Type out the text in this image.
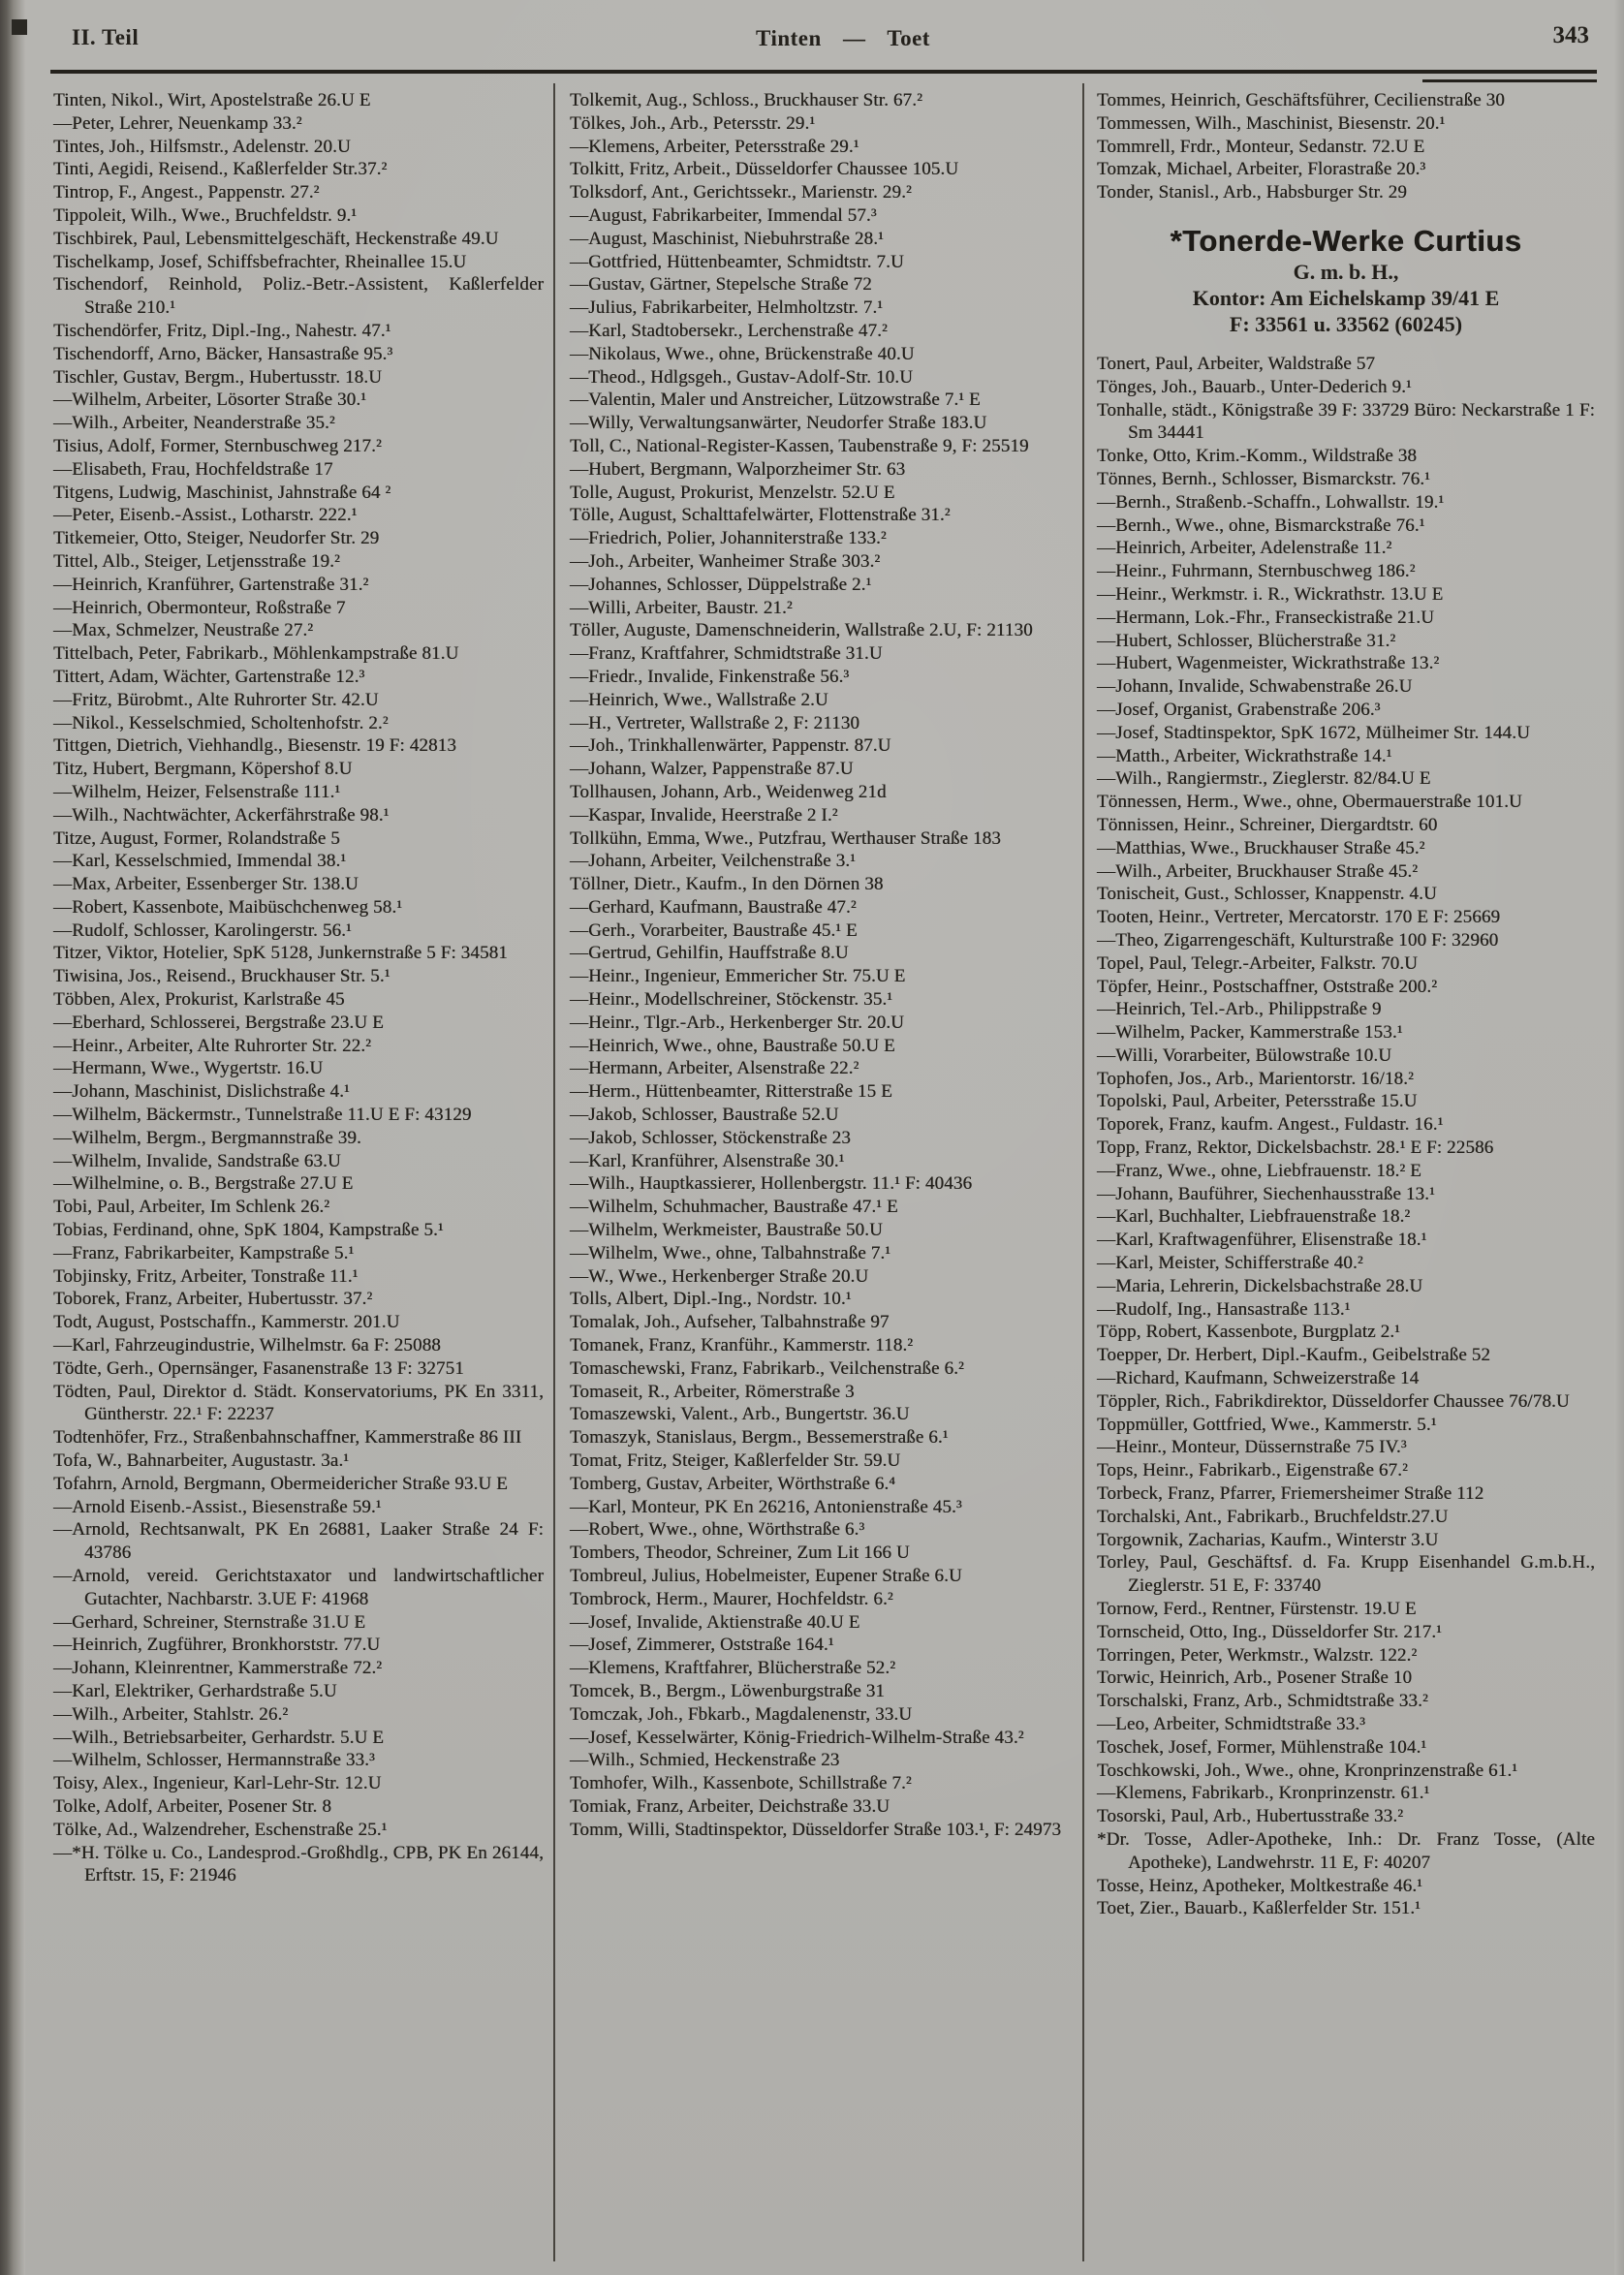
II. Teil	Tinten — Toet	343

Tinten, Nikol., Wirt, Apostelstraße 26.U E

—Peter, Lehrer, Neuenkamp 33.²

Tintes, Joh., Hilfsmstr., Adelenstr. 20.U

Tinti, Aegidi, Reisend., Kaßlerfelder Str.37.²

Tintrop, F., Angest., Pappenstr. 27.²

Tippoleit, Wilh., Wwe., Bruchfeldstr. 9.¹

Tischbirek, Paul, Lebensmittelgeschäft, Heckenstraße 49.U

Tischelkamp, Josef, Schiffsbefrachter, Rheinallee 15.U

Tischendorf, Reinhold, Poliz.-Betr.-Assistent, Kaßlerfelder Straße 210.¹

Tischendörfer, Fritz, Dipl.-Ing., Nahestr. 47.¹

Tischendorff, Arno, Bäcker, Hansastraße 95.³

Tischler, Gustav, Bergm., Hubertusstr. 18.U

—Wilhelm, Arbeiter, Lösorter Straße 30.¹

—Wilh., Arbeiter, Neanderstraße 35.²

Tisius, Adolf, Former, Sternbuschweg 217.²

—Elisabeth, Frau, Hochfeldstraße 17

Titgens, Ludwig, Maschinist, Jahnstraße 64 ²

—Peter, Eisenb.-Assist., Lotharstr. 222.¹

Titkemeier, Otto, Steiger, Neudorfer Str. 29

Tittel, Alb., Steiger, Letjensstraße 19.²

—Heinrich, Kranführer, Gartenstraße 31.²

—Heinrich, Obermonteur, Roßstraße 7

—Max, Schmelzer, Neustraße 27.²

Tittelbach, Peter, Fabrikarb., Möhlenkampstraße 81.U

Tittert, Adam, Wächter, Gartenstraße 12.³

—Fritz, Bürobmt., Alte Ruhrorter Str. 42.U

—Nikol., Kesselschmied, Scholtenhofstr. 2.²

Tittgen, Dietrich, Viehhandlg., Biesenstr. 19 F: 42813

Titz, Hubert, Bergmann, Köpershof 8.U

—Wilhelm, Heizer, Felsenstraße 111.¹

—Wilh., Nachtwächter, Ackerfährstraße 98.¹

Titze, August, Former, Rolandstraße 5

—Karl, Kesselschmied, Immendal 38.¹

—Max, Arbeiter, Essenberger Str. 138.U

—Robert, Kassenbote, Maibüschchenweg 58.¹

—Rudolf, Schlosser, Karolingerstr. 56.¹

Titzer, Viktor, Hotelier, SpK 5128, Junkernstraße 5 F: 34581

Tiwisina, Jos., Reisend., Bruckhauser Str. 5.¹

Többen, Alex, Prokurist, Karlstraße 45

—Eberhard, Schlosserei, Bergstraße 23.U E

—Heinr., Arbeiter, Alte Ruhrorter Str. 22.²

—Hermann, Wwe., Wygertstr. 16.U

—Johann, Maschinist, Dislichstraße 4.¹

—Wilhelm, Bäckermstr., Tunnelstraße 11.U E F: 43129

—Wilhelm, Bergm., Bergmannstraße 39.

—Wilhelm, Invalide, Sandstraße 63.U

—Wilhelmine, o. B., Bergstraße 27.U E

Tobi, Paul, Arbeiter, Im Schlenk 26.²

Tobias, Ferdinand, ohne, SpK 1804, Kampstraße 5.¹

—Franz, Fabrikarbeiter, Kampstraße 5.¹

Tobjinsky, Fritz, Arbeiter, Tonstraße 11.¹

Toborek, Franz, Arbeiter, Hubertusstr. 37.²

Todt, August, Postschaffn., Kammerstr. 201.U

—Karl, Fahrzeugindustrie, Wilhelmstr. 6a F: 25088

Tödte, Gerh., Opernsänger, Fasanenstraße 13 F: 32751

Tödten, Paul, Direktor d. Städt. Konservatoriums, PK En 3311, Güntherstr. 22.¹ F: 22237

Todtenhöfer, Frz., Straßenbahnschaffner, Kammerstraße 86 III

Tofa, W., Bahnarbeiter, Augustastr. 3a.¹

Tofahrn, Arnold, Bergmann, Obermeidericher Straße 93.U E

—Arnold Eisenb.-Assist., Biesenstraße 59.¹

—Arnold, Rechtsanwalt, PK En 26881, Laaker Straße 24 F: 43786

—Arnold, vereid. Gerichtstaxator und landwirtschaftlicher Gutachter, Nachbarstr. 3.UE F: 41968

—Gerhard, Schreiner, Sternstraße 31.U E

—Heinrich, Zugführer, Bronkhorststr. 77.U

—Johann, Kleinrentner, Kammerstraße 72.²

—Karl, Elektriker, Gerhardstraße 5.U

—Wilh., Arbeiter, Stahlstr. 26.²

—Wilh., Betriebsarbeiter, Gerhardstr. 5.U E

—Wilhelm, Schlosser, Hermannstraße 33.³

Toisy, Alex., Ingenieur, Karl-Lehr-Str. 12.U

Tolke, Adolf, Arbeiter, Posener Str. 8

Tölke, Ad., Walzendreher, Eschenstraße 25.¹

—*H. Tölke u. Co., Landesprod.-Großhdlg., CPB, PK En 26144, Erftstr. 15, F: 21946

Tolkemit, Aug., Schloss., Bruckhauser Str. 67.²

Tölkes, Joh., Arb., Petersstr. 29.¹

—Klemens, Arbeiter, Petersstraße 29.¹

Tolkitt, Fritz, Arbeit., Düsseldorfer Chaussee 105.U

Tolksdorf, Ant., Gerichtssekr., Marienstr. 29.²

—August, Fabrikarbeiter, Immendal 57.³

—August, Maschinist, Niebuhrstraße 28.¹

—Gottfried, Hüttenbeamter, Schmidtstr. 7.U

—Gustav, Gärtner, Stepelsche Straße 72

—Julius, Fabrikarbeiter, Helmholtzstr. 7.¹

—Karl, Stadtobersekr., Lerchenstraße 47.²

—Nikolaus, Wwe., ohne, Brückenstraße 40.U

—Theod., Hdlgsgeh., Gustav-Adolf-Str. 10.U

—Valentin, Maler und Anstreicher, Lützowstraße 7.¹ E

—Willy, Verwaltungsanwärter, Neudorfer Straße 183.U

Toll, C., National-Register-Kassen, Taubenstraße 9, F: 25519

—Hubert, Bergmann, Walporzheimer Str. 63

Tolle, August, Prokurist, Menzelstr. 52.U E

Tölle, August, Schalttafelwärter, Flottenstraße 31.²

—Friedrich, Polier, Johanniterstraße 133.²

—Joh., Arbeiter, Wanheimer Straße 303.²

—Johannes, Schlosser, Düppelstraße 2.¹

—Willi, Arbeiter, Baustr. 21.²

Töller, Auguste, Damenschneiderin, Wallstraße 2.U, F: 21130

—Franz, Kraftfahrer, Schmidtstraße 31.U

—Friedr., Invalide, Finkenstraße 56.³

—Heinrich, Wwe., Wallstraße 2.U

—H., Vertreter, Wallstraße 2, F: 21130

—Joh., Trinkhallenwärter, Pappenstr. 87.U

—Johann, Walzer, Pappenstraße 87.U

Tollhausen, Johann, Arb., Weidenweg 21d

—Kaspar, Invalide, Heerstraße 2 I.²

Tollkühn, Emma, Wwe., Putzfrau, Werthauser Straße 183

—Johann, Arbeiter, Veilchenstraße 3.¹

Töllner, Dietr., Kaufm., In den Dörnen 38

—Gerhard, Kaufmann, Baustraße 47.²

—Gerh., Vorarbeiter, Baustraße 45.¹ E

—Gertrud, Gehilfin, Hauffstraße 8.U

—Heinr., Ingenieur, Emmericher Str. 75.U E

—Heinr., Modellschreiner, Stöckenstr. 35.¹

—Heinr., Tlgr.-Arb., Herkenberger Str. 20.U

—Heinrich, Wwe., ohne, Baustraße 50.U E

—Hermann, Arbeiter, Alsenstraße 22.²

—Herm., Hüttenbeamter, Ritterstraße 15 E

—Jakob, Schlosser, Baustraße 52.U

—Jakob, Schlosser, Stöckenstraße 23

—Karl, Kranführer, Alsenstraße 30.¹

—Wilh., Hauptkassierer, Hollenbergstr. 11.¹ F: 40436

—Wilhelm, Schuhmacher, Baustraße 47.¹ E

—Wilhelm, Werkmeister, Baustraße 50.U

—Wilhelm, Wwe., ohne, Talbahnstraße 7.¹

—W., Wwe., Herkenberger Straße 20.U

Tolls, Albert, Dipl.-Ing., Nordstr. 10.¹

Tomalak, Joh., Aufseher, Talbahnstraße 97

Tomanek, Franz, Kranführ., Kammerstr. 118.²

Tomaschewski, Franz, Fabrikarb., Veilchenstraße 6.²

Tomaseit, R., Arbeiter, Römerstraße 3

Tomaszewski, Valent., Arb., Bungertstr. 36.U

Tomaszyk, Stanislaus, Bergm., Bessemerstraße 6.¹

Tomat, Fritz, Steiger, Kaßlerfelder Str. 59.U

Tomberg, Gustav, Arbeiter, Wörthstraße 6.⁴

—Karl, Monteur, PK En 26216, Antonienstraße 45.³

—Robert, Wwe., ohne, Wörthstraße 6.³

Tombers, Theodor, Schreiner, Zum Lit 166 U

Tombreul, Julius, Hobelmeister, Eupener Straße 6.U

Tombrock, Herm., Maurer, Hochfeldstr. 6.²

—Josef, Invalide, Aktienstraße 40.U E

—Josef, Zimmerer, Oststraße 164.¹

—Klemens, Kraftfahrer, Blücherstraße 52.²

Tomcek, B., Bergm., Löwenburgstraße 31

Tomczak, Joh., Fbkarb., Magdalenenstr, 33.U

—Josef, Kesselwärter, König-Friedrich-Wilhelm-Straße 43.²

—Wilh., Schmied, Heckenstraße 23

Tomhofer, Wilh., Kassenbote, Schillstraße 7.²

Tomiak, Franz, Arbeiter, Deichstraße 33.U

Tomm, Willi, Stadtinspektor, Düsseldorfer Straße 103.¹, F: 24973

Tommes, Heinrich, Geschäftsführer, Cecilienstraße 30

Tommessen, Wilh., Maschinist, Biesenstr. 20.¹

Tommrell, Frdr., Monteur, Sedanstr. 72.U E

Tomzak, Michael, Arbeiter, Florastraße 20.³

Tonder, Stanisl., Arb., Habsburger Str. 29

*Tonerde-Werke Curtius
G. m. b. H.,
Kontor: Am Eichelskamp 39/41 E
F: 33561 u. 33562 (60245)

Tonert, Paul, Arbeiter, Waldstraße 57

Tönges, Joh., Bauarb., Unter-Dederich 9.¹

Tonhalle, städt., Königstraße 39 F: 33729 Büro: Neckarstraße 1 F: Sm 34441

Tonke, Otto, Krim.-Komm., Wildstraße 38

Tönnes, Bernh., Schlosser, Bismarckstr. 76.¹

—Bernh., Straßenb.-Schaffn., Lohwallstr. 19.¹

—Bernh., Wwe., ohne, Bismarckstraße 76.¹

—Heinrich, Arbeiter, Adelenstraße 11.²

—Heinr., Fuhrmann, Sternbuschweg 186.²

—Heinr., Werkmstr. i. R., Wickrathstr. 13.U E

—Hermann, Lok.-Fhr., Franseckistraße 21.U

—Hubert, Schlosser, Blücherstraße 31.²

—Hubert, Wagenmeister, Wickrathstraße 13.²

—Johann, Invalide, Schwabenstraße 26.U

—Josef, Organist, Grabenstraße 206.³

—Josef, Stadtinspektor, SpK 1672, Mülheimer Str. 144.U

—Matth., Arbeiter, Wickrathstraße 14.¹

—Wilh., Rangiermstr., Zieglerstr. 82/84.U E

Tönnessen, Herm., Wwe., ohne, Obermauerstraße 101.U

Tönnissen, Heinr., Schreiner, Diergardtstr. 60

—Matthias, Wwe., Bruckhauser Straße 45.²

—Wilh., Arbeiter, Bruckhauser Straße 45.²

Tonischeit, Gust., Schlosser, Knappenstr. 4.U

Tooten, Heinr., Vertreter, Mercatorstr. 170 E F: 25669

—Theo, Zigarrengeschäft, Kulturstraße 100 F: 32960

Topel, Paul, Telegr.-Arbeiter, Falkstr. 70.U

Töpfer, Heinr., Postschaffner, Oststraße 200.²

—Heinrich, Tel.-Arb., Philippstraße 9

—Wilhelm, Packer, Kammerstraße 153.¹

—Willi, Vorarbeiter, Bülowstraße 10.U

Tophofen, Jos., Arb., Marientorstr. 16/18.²

Topolski, Paul, Arbeiter, Petersstraße 15.U

Toporek, Franz, kaufm. Angest., Fuldastr. 16.¹

Topp, Franz, Rektor, Dickelsbachstr. 28.¹ E F: 22586

—Franz, Wwe., ohne, Liebfrauenstr. 18.² E

—Johann, Bauführer, Siechenhausstraße 13.¹

—Karl, Buchhalter, Liebfrauenstraße 18.²

—Karl, Kraftwagenführer, Elisenstraße 18.¹

—Karl, Meister, Schifferstraße 40.²

—Maria, Lehrerin, Dickelsbachstraße 28.U

—Rudolf, Ing., Hansastraße 113.¹

Töpp, Robert, Kassenbote, Burgplatz 2.¹

Toepper, Dr. Herbert, Dipl.-Kaufm., Geibelstraße 52

—Richard, Kaufmann, Schweizerstraße 14

Töppler, Rich., Fabrikdirektor, Düsseldorfer Chaussee 76/78.U

Toppmüller, Gottfried, Wwe., Kammerstr. 5.¹

—Heinr., Monteur, Düssernstraße 75 IV.³

Tops, Heinr., Fabrikarb., Eigenstraße 67.²

Torbeck, Franz, Pfarrer, Friemersheimer Straße 112

Torchalski, Ant., Fabrikarb., Bruchfeldstr.27.U

Torgownik, Zacharias, Kaufm., Winterstr 3.U

Torley, Paul, Geschäftsf. d. Fa. Krupp Eisenhandel G.m.b.H., Zieglerstr. 51 E, F: 33740

Tornow, Ferd., Rentner, Fürstenstr. 19.U E

Tornscheid, Otto, Ing., Düsseldorfer Str. 217.¹

Torringen, Peter, Werkmstr., Walzstr. 122.²

Torwic, Heinrich, Arb., Posener Straße 10

Torschalski, Franz, Arb., Schmidtstraße 33.²

—Leo, Arbeiter, Schmidtstraße 33.³

Toschek, Josef, Former, Mühlenstraße 104.¹

Toschkowski, Joh., Wwe., ohne, Kronprinzenstraße 61.¹

—Klemens, Fabrikarb., Kronprinzenstr. 61.¹

Tosorski, Paul, Arb., Hubertusstraße 33.²

*Dr. Tosse, Adler-Apotheke, Inh.: Dr. Franz Tosse, (Alte Apotheke), Landwehrstr. 11 E, F: 40207

Tosse, Heinz, Apotheker, Moltkestraße 46.¹

Toet, Zier., Bauarb., Kaßlerfelder Str. 151.¹
